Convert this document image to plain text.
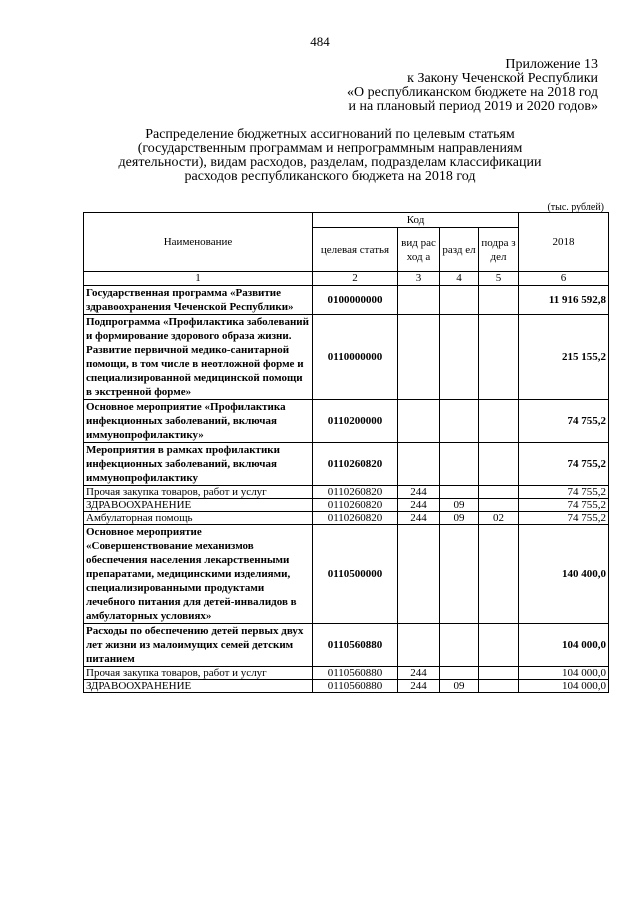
484
Приложение 13
к Закону Чеченской Республики
«О республиканском бюджете на 2018 год
и на плановый период 2019 и 2020 годов»
Распределение бюджетных ассигнований по целевым статьям
(государственным программам и непрограммным направлениям
деятельности), видам расходов, разделам, подразделам классификации
расходов республиканского бюджета на 2018 год
(тыс. рублей)
Наименование	Код				2018
	целевая статья	вид расход а	разд ел	подра здел	
1	2	3	4	5	6
Государственная программа «Развитие здравоохранения Чеченской Республики»	0100000000				11 916 592,8
Подпрограмма «Профилактика заболеваний и формирование здорового образа жизни. Развитие первичной медико-санитарной помощи, в том числе в неотложной форме и специализированной медицинской помощи в экстренной форме»	0110000000				215 155,2
Основное мероприятие «Профилактика инфекционных заболеваний, включая иммунопрофилактику»	0110200000				74 755,2
Мероприятия в рамках профилактики инфекционных заболеваний, включая иммунопрофилактику	0110260820				74 755,2
Прочая закупка товаров, работ и услуг	0110260820	244			74 755,2
ЗДРАВООХРАНЕНИЕ	0110260820	244	09		74 755,2
Амбулаторная помощь	0110260820	244	09	02	74 755,2
Основное мероприятие «Совершенствование механизмов обеспечения населения лекарственными препаратами, медицинскими изделиями, специализированными продуктами лечебного питания для детей-инвалидов в амбулаторных условиях»	0110500000				140 400,0
Расходы по обеспечению детей первых двух лет жизни из малоимущих семей детским питанием	0110560880				104 000,0
Прочая закупка товаров, работ и услуг	0110560880	244			104 000,0
ЗДРАВООХРАНЕНИЕ	0110560880	244	09		104 000,0
